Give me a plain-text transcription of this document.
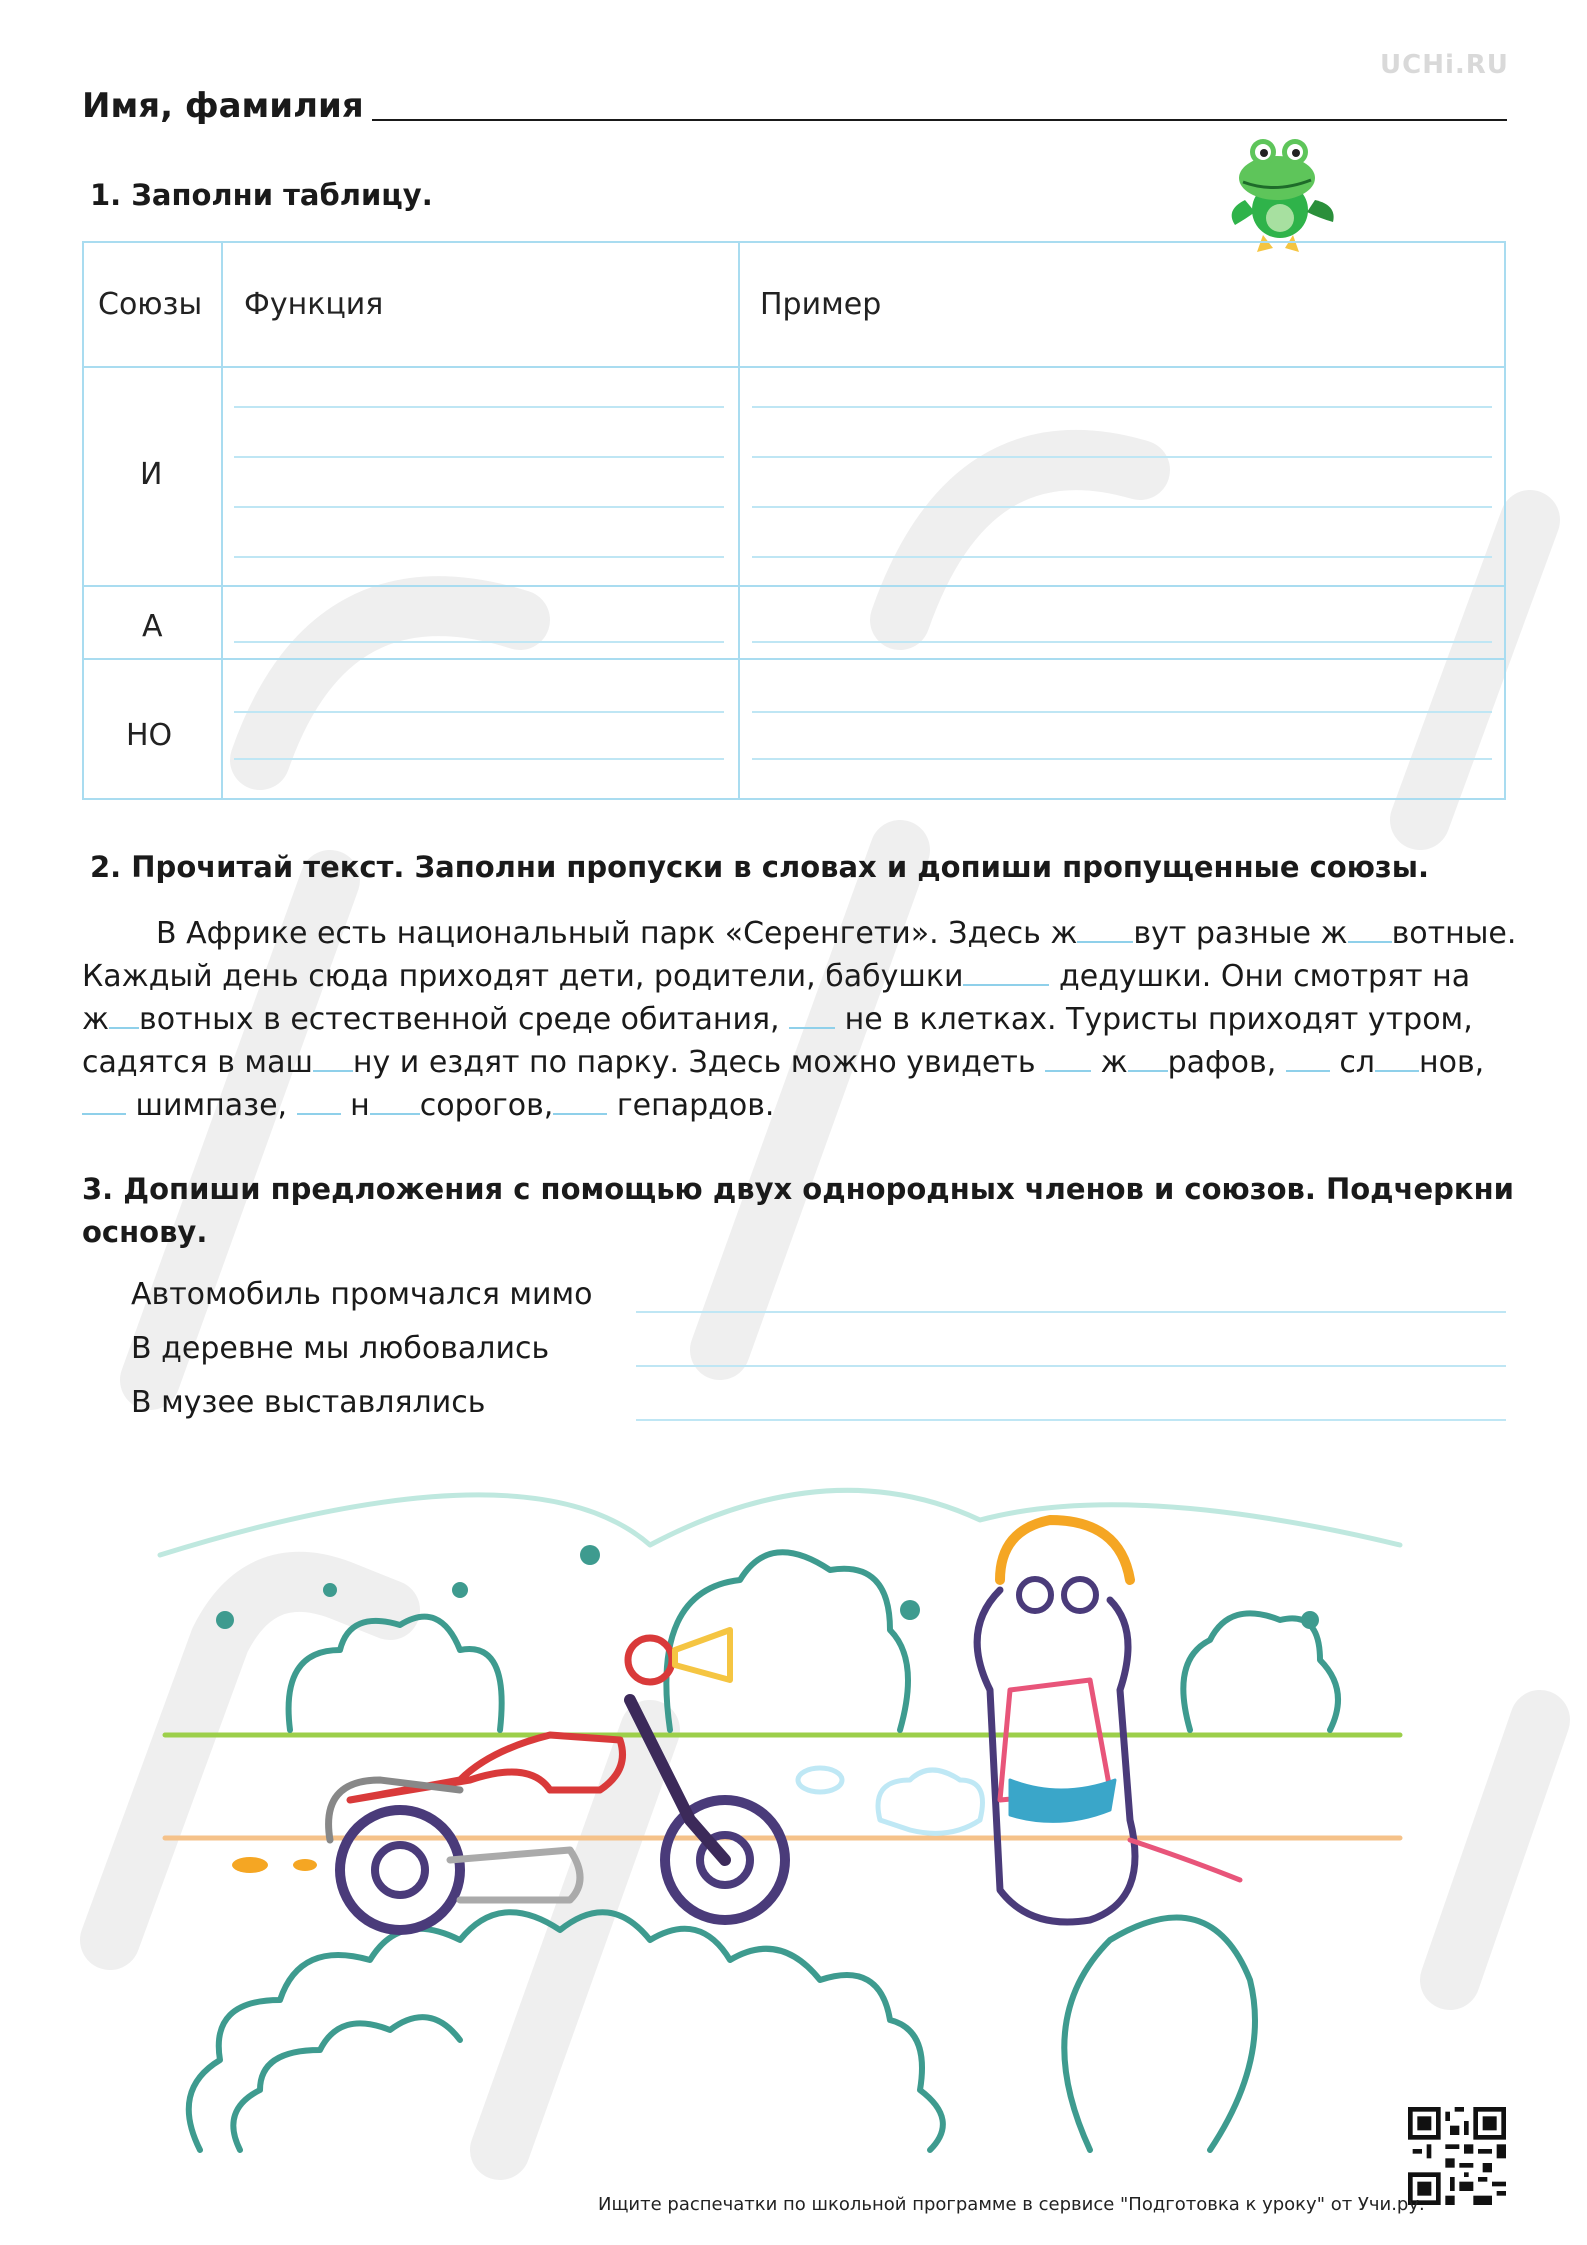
UCHi.RU
Имя, фамилия
1. Заполни таблицу.
Союзы Функция	Пример
И
А
НО
2. Прочитай текст. Заполни пропуски в словах и допиши пропущенные союзы.

В Африке есть национальный парк «Серенгети». Здесь ж вут разные ж вотные.

Каждый день сюда приходят дети, родители, бабушки	дедушки. Они смотрят на

ж вотных в естественной среде обитания,  не в клетках. Туристы приходят утром,

садятся в маш ну и ездят по парку. Здесь можно увидеть  ж рафов,  сл нов,

шимпазе,  н сорогов, гепардов.

3. Допиши предложения с помощью двух однородных членов и союзов. Подчеркни
основу.
Автомобиль промчался мимо
В деревне мы любовались
В музее выставлялись
Ищите распечатки по школьной программе в сервисе "Подготовка к уроку" от Учи.ру.
